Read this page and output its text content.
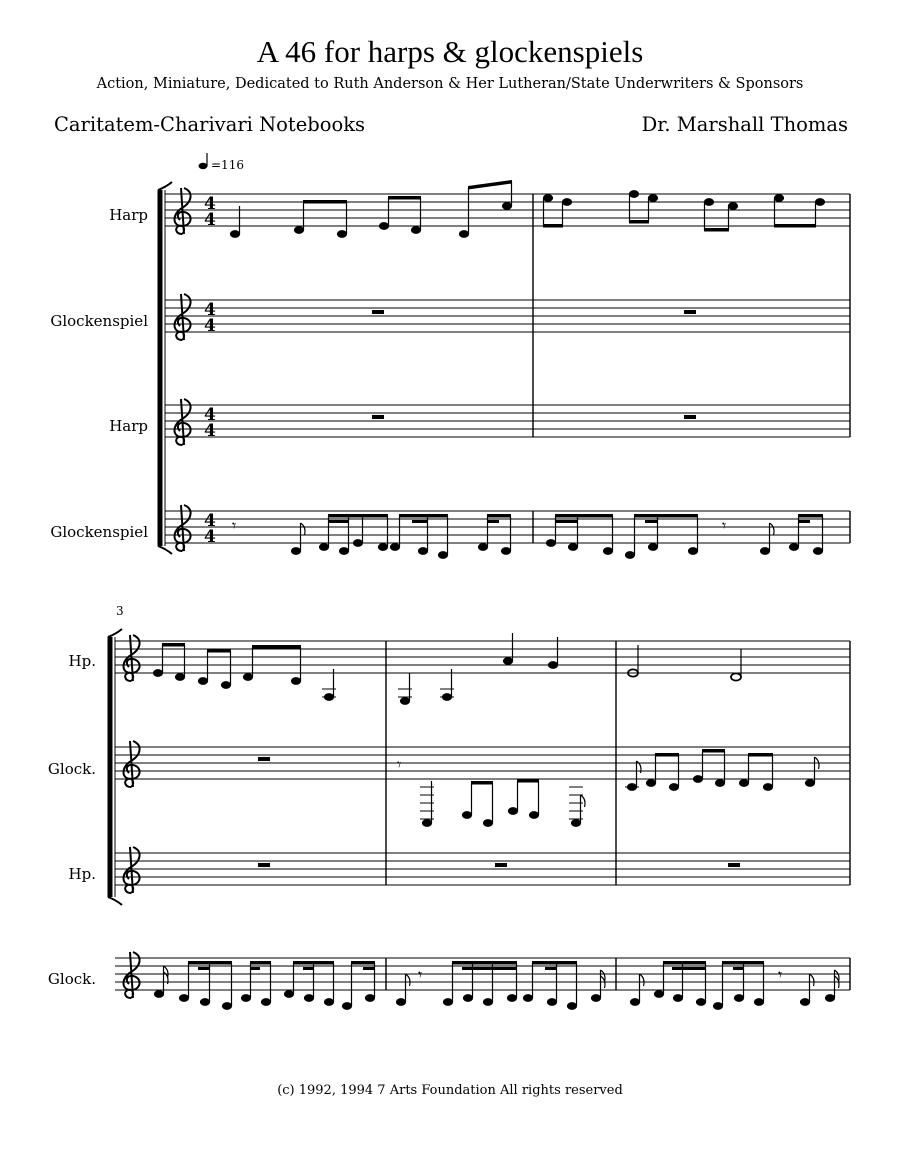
A 46 for harps & glockenspiels
Action, Miniature, Dedicated to Ruth Anderson & Her Lutheran/State Underwriters & Sponsors
Caritatem-Charivari Notebooks	Dr. Marshall Thomas
=116
Harp
Glockenspiel
Harp
Glockenspiel
4
4
4
4
4
4
4
4
𝄾	𝄾
3
Hp.
Glock.
Hp.
Glock.
𝄾
𝄾	𝄾
(c) 1992, 1994 7 Arts Foundation All rights reserved
